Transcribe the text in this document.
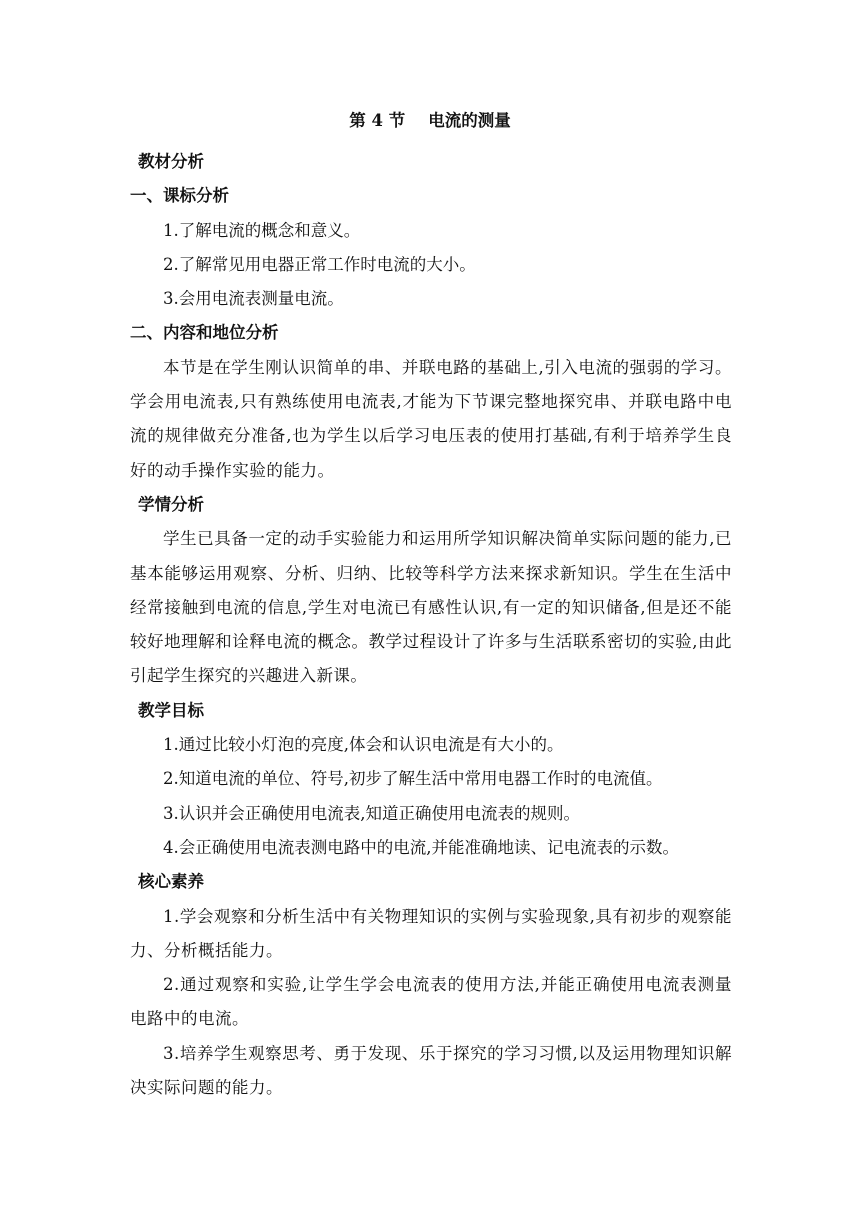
第 4 节    电流的测量
教材分析
一、课标分析
1.了解电流的概念和意义。
2.了解常见用电器正常工作时电流的大小。
3.会用电流表测量电流。
二、内容和地位分析

本节是在学生刚认识简单的串、并联电路的基础上,引入电流的强弱的学习。学会用电流表,只有熟练使用电流表,才能为下节课完整地探究串、并联电路中电流的规律做充分准备,也为学生以后学习电压表的使用打基础,有利于培养学生良好的动手操作实验的能力。

学情分析

学生已具备一定的动手实验能力和运用所学知识解决简单实际问题的能力,已基本能够运用观察、分析、归纳、比较等科学方法来探求新知识。学生在生活中经常接触到电流的信息,学生对电流已有感性认识,有一定的知识储备,但是还不能较好地理解和诠释电流的概念。教学过程设计了许多与生活联系密切的实验,由此引起学生探究的兴趣进入新课。

教学目标
1.通过比较小灯泡的亮度,体会和认识电流是有大小的。
2.知道电流的单位、符号,初步了解生活中常用电器工作时的电流值。
3.认识并会正确使用电流表,知道正确使用电流表的规则。
4.会正确使用电流表测电路中的电流,并能准确地读、记电流表的示数。
核心素养

1.学会观察和分析生活中有关物理知识的实例与实验现象,具有初步的观察能力、分析概括能力。

2.通过观察和实验,让学生学会电流表的使用方法,并能正确使用电流表测量电路中的电流。

3.培养学生观察思考、勇于发现、乐于探究的学习习惯,以及运用物理知识解决实际问题的能力。
